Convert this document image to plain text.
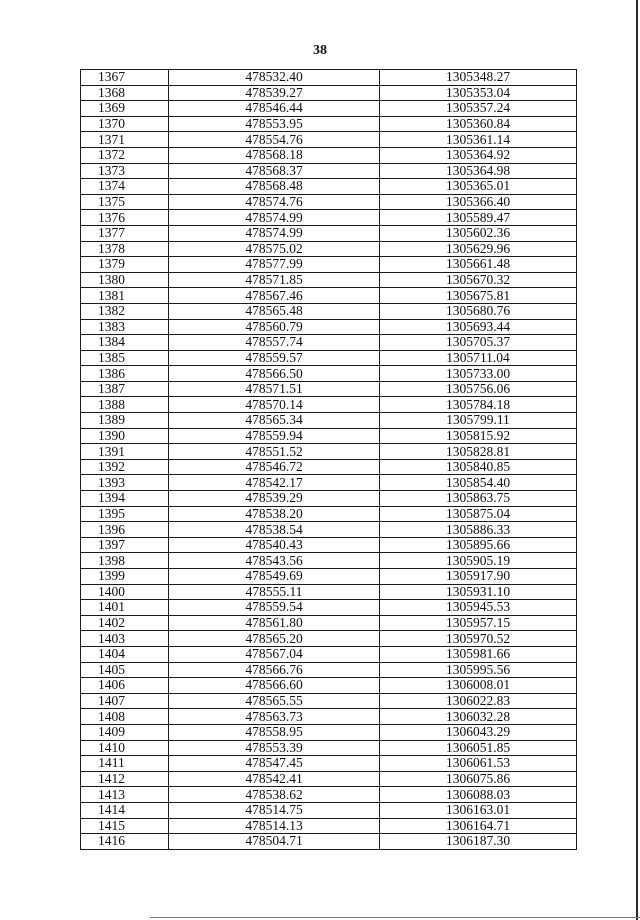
38
1367	478532.40	1305348.27
1368	478539.27	1305353.04
1369	478546.44	1305357.24
1370	478553.95	1305360.84
1371	478554.76	1305361.14
1372	478568.18	1305364.92
1373	478568.37	1305364.98
1374	478568.48	1305365.01
1375	478574.76	1305366.40
1376	478574.99	1305589.47
1377	478574.99	1305602.36
1378	478575.02	1305629.96
1379	478577.99	1305661.48
1380	478571.85	1305670.32
1381	478567.46	1305675.81
1382	478565.48	1305680.76
1383	478560.79	1305693.44
1384	478557.74	1305705.37
1385	478559.57	1305711.04
1386	478566.50	1305733.00
1387	478571.51	1305756.06
1388	478570.14	1305784.18
1389	478565.34	1305799.11
1390	478559.94	1305815.92
1391	478551.52	1305828.81
1392	478546.72	1305840.85
1393	478542.17	1305854.40
1394	478539.29	1305863.75
1395	478538.20	1305875.04
1396	478538.54	1305886.33
1397	478540.43	1305895.66
1398	478543.56	1305905.19
1399	478549.69	1305917.90
1400	478555.11	1305931.10
1401	478559.54	1305945.53
1402	478561.80	1305957.15
1403	478565.20	1305970.52
1404	478567.04	1305981.66
1405	478566.76	1305995.56
1406	478566.60	1306008.01
1407	478565.55	1306022.83
1408	478563.73	1306032.28
1409	478558.95	1306043.29
1410	478553.39	1306051.85
1411	478547.45	1306061.53
1412	478542.41	1306075.86
1413	478538.62	1306088.03
1414	478514.75	1306163.01
1415	478514.13	1306164.71
1416	478504.71	1306187.30
